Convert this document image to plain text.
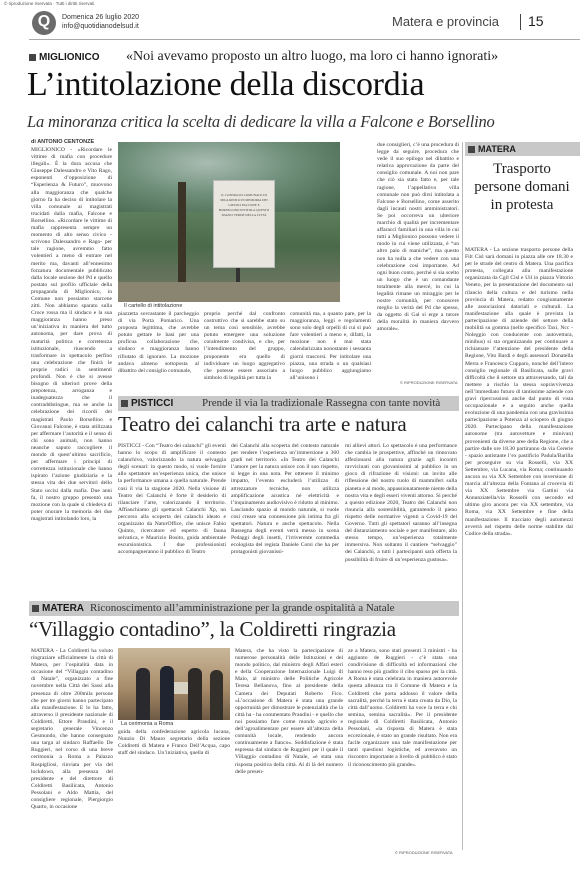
© riproduzione riservata · Tutti i diritti riservati
Q	Domenica 26 luglio 2020
info@quotidianodelsud.it	Matera e provincia 15
MIGLIONICO «Noi avevamo proposto un altro luogo, ma loro ci hanno ignorati»
L’intitolazione della discordia
La minoranza critica la scelta di dedicare la villa a Falcone e Borsellino
di ANTONIO CENTONZE
MIGLIONICO - «Ricordare le vittime di mafia con procedure illegali». È la dura accusa che Giuseppe Dalessandro e Vito Rago, esponenti d’opposizione di “Esperienza & Futuro”, muovono alla maggioranza che qualche giorno fa ha deciso di intitolare la villa comunale ai magistrati trucidati dalla mafia, Falcone e Borsellino. «Ricordare le vittime di mafia rappresenta sempre un momento di alto senso civico -scrivono Dalessandro e Rago- per tale ragione, avremmo fatto volentieri a meno di entrare nel merito ma, davanti all’ennesimo forzatura documentale pubblicato dalla locale sezione del Pd e quello postato sul profilo ufficiale della propaganda di Miglionico, in Comune non possiamo starcene zitti. Non abbiamo sparato sulla Croce rossa ma il sindaco e la sua maggioranza hanno preso un’iniziativa in maniera del tutto autonoma, per dare prova di maturità politica e correttezza istituzionale, riuscendo a trasformare in spettacolo perfino una celebrazione che finirà le proprie radici in sentimenti profondi. Non è che si avesse bisogno di ulteriori prove della prepotenza, arroganza e inadeguatezza che il contraddistingue, ma se anche la celebrazione dei ricordi dei magistrati Paolo Borsellino e Giovanni Falcone, è stata utilizzata per affermare l’autorità e il senso di chi sono animali, non hanno neanche saputo raccogliere il mondo di quest’ultimo sacrificio, per affermare i principi di correttezza istituzionale che hanno ispirato l’azione giudiziaria e la stessa vita dei due servitori dello Stato uccisi dalla mafia. Due anni fa, il nostro gruppo presentò una mozione con la quale si chiedeva di poter onorare la memoria dei due magistrati intitolando loro, la
IL CONSIGLIO COMUNALE DI MIGLIONICO IN MEMORIA DEI GIUDICI FALCONE E BORSELLINO INTITOLA QUESTO SPAZIO VERDE DELLA CITTÀ
Il cartello di intitolazione
piazzetta sovrastante il parcheggio di via Porta Pomarico. Una proposta legittima, che avrebbe potuto gettare le basi per una proficua collaborazione che, sindaco e maggioranza hanno rifiutato di ignorare. La mozione andava almeno sottoposta al dibattito del consiglio comunale,
proprio perché dal confronto costruttivo che si sarebbe stato su un tema così sensibile, avrebbe potuto emergere una soluzione coralmente condivisa, e che, per l’intendimento del gruppo, proponente era quello di individuare un luogo aggregativo che potesse essere associato a simbolo di legalità per tutta la
comunità ma, a quanto pare, per la maggioranza, leggi e regolamenti sono solo degli orpelli di cui si può fare volentieri a meno e, difatti, la mozione non è mai stata calendarizzata nonostante i sessanta giorni trascorsi. Per intitolare una piazza, una strada o un qualsiasi luogo pubblico aggiungiamo all’unisono i
due consiglieri, c’è una procedura di legge da seguire, procedura che vede il suo epilogo nel dibattito e relativa approvazione da parte del consiglio comunale. A noi non pare che ciò sia stato fatto e, per tale ragione, l’appellativo villa comunale non può dirsi intitolata a Falcone e Borsellino, come asserito dagli incauti nostri amministratori. Se poi occorreva un ulteriore marchio di qualità per incrementare affaracci familiari in una villa in cui tutti a Miglionico possono vedere il modo in cui viene utilizzata, è “un altro paio di maniche”, ma questo non ha nulla a che vedere con una celebrazione così importante. Ad ogni buon conto, perché si sia scelto un luogo che è un comandante totalmente alla mercé, in cui la legalità rimane un miraggio per le nostre comunità, per conoscere meglio la verità del Pd che spesso, da oggetto di Gal si erge a tutore della moralità in maniera davvero amorale».
© RIPRODUZIONE RISERVATA
MATERA
Trasporto persone domani in protesta
MATERA - La sezione trasporto persone della Filt Cisl sarà domani in piazza alle ore 18.30 e per le strade del centro di Matera. Una pacifica protesta, collegata alla manifestazione organizzata da Cgil Cisl e Uil in piazza Vittorio Veneto, per la presentazione del documento sul rilancio della cultura e del turismo nella provincia di Matera, redatto congiuntamente alle associazioni datoriali e culturali. La manifestazione alla quale è prevista la partecipazione di aziende del settore della mobilità su gomma (nello specifico Taxi, Ncc - Noleggio con conducente con autovettura, minibus) si sta organizzando per continuare a richiamare l’attenzione del presidente della Regione, Vito Bardi e degli assessori Donatella Merra e Francesco Cupparo, nonché dell’intero consiglio regionale di Basilicata, sulle gravi difficoltà che il settore sta attraversando, tali da mettere a rischio la stessa sopravvivenza nell’immediato futuro di tantissime aziende con gravi ripercussioni anche dal punto di vista occupazionale e a seguito anche quella evoluzione di una pandemia con una gravissima partecipazione a Potenza al sciopero di giugno 2020. Partecipano della manifestazione autonome (tra autovetture e minivan) provenienti da diverse aree della Regione, che a partire dalle ore 18.30 partiranno da via Cererie - spazio antistante l’ex pastificio Padula/Barilla per proseguire su via Rosselli, via XX Settembre, via Lucana, via Roma; continuando ancora su via XX Settembre con inversione di marcia all’altezza della Fontana al crocevia di via XX Settembre via Gattini via Annunziatella/via Rosselli con secondo ed ultimo giro ancora per via XX settembre, via Roma, via XX Settembre e fine della manifestazione. Il tracciato degli automezzi avverrà nel rispetto delle norme stabilite dal Codice della strada».
PISTICCI	Prende il via la tradizionale Rassegna con tante novità
Teatro dei calanchi tra arte e natura
PISTICCI - Con “Teatro dei calanchi” gli eventi hanno lo scopo di amplificare il contesto calanchivo, valorizzando la natura selvaggia degli scenari: in questo modo, si vuole fornire allo spettatore un’esperienza unica, che unisce la performance umana a quella naturale. Prende così il via la stagione 2020. Nella visione di Teatro dei Calanchi è forte il desiderio di rilanciare l’arte, valorizzando il territorio. Affianchiamo gli spettacoli Calanchi Xp, un percorso alla scoperta dei calanchi ideato e organizzato da NaturOffice, che unisce Fabio Quinto, ricercatore ed esperto di fauna selvatica, e Maurizio Bosito, guida ambientale escursionistica. I due professionisti accompagneranno il pubblico di Teatro
dei Calanchi alla scoperta del contesto naturale per rendere l’esperienza un’immersione a 360 gradi nel territorio. «In Teatro dei Calanchi l’amore per la natura unisce con il suo rispetto, si legge in una nota. Per ottenere il minimo impatto, l’evento escluderà l’utilizzo di attrezzature tecniche, non utilizza amplificazione acustica né elettricità e l’inquinamento audiovisivo è ridotto al minimo. Lasciando spazio al mondo naturale, si vuole così creare una connessione più intima fra gli spettatori. Natura e anche spettacolo. Nella Rassegna degli eventi verrà messo in scena Pedaggi degli insetti, l’irriverente commedia ecologista del regista Daniele Corsi che ha per protagonisti giovanissi-
mi allievi attori. Lo spettacolo è una performance che cambia le prospettive, affinché un rinnovato affezionarsi alla natura grazie agli incontri ravvicinati con giovanissimi al pubblico in un gioco di rifrazione di visioni: un invito alle riflessione del nostro ruolo di mammiferi sulla pianeta e al modo, appassionatamente niente della nostra vita e degli esseri viventi attorno. Si perché a questo edizione 2020, Teatro dei Calanchi non rinuncia alla sostenibilità, garantendo il pieno rispetto delle normative vigenti a Covid-19 del Governo. Tutti gli spettatori saranno all’insegna del distanziamento sociale e per manifestare, allo stesso tempo, un’esperienza totalmente immersiva. Non soltanto il cantiere “selvaggio” dei Calanchi, a tutti i partecipanti sarà offerta la possibilità di fruire di un’esperienza gustosa».
MATERA Riconoscimento all’amministrazione per la grande ospitalità a Natale
“Villaggio contadino”, la Coldiretti ringrazia
MATERA - La Coldiretti ha voluto ringraziare ufficialmente la città di Matera, per l’ospitalità data in occasione del “Villaggio contadino di Natale”, organizzato a fine novembre nella Città dei Sassi alla presenza di oltre 200mila persone che per tre giorni hanno partecipato alla manifestazione. E lo ha fatto, attraverso il presidente nazionale di Coldiretti, Ettore Prandini, e il segretario generale Vincenzo Gesmundo, che hanno consegnato una targa al sindaco Raffaello De Ruggieri, nel corso di una breve cerimonia a Roma a Palazzo Rospigliosi, rinviata per via del lockdown, alla presenza del presidente e del direttore di Coldiretti Basilicata, Antonio Pessolani e Aldo Mattia, del consigliere regionale, Piergiorgio Quarto, in occasione
La cerimonia a Roma
guida della confederazione agricola lucana, Nunzio Di Mauro segretario della sezione Coldiretti di Matera e Franco Dell’Acqua, capo staff del sindaco. Un’iniziativa, quella di
Matera, che ha visto la partecipazione di numerose personalità delle Istituzioni e del mondo politico, dal ministro degli Affari esteri e della Cooperazione Internazionale Luigi di Maio, al ministro delle Politiche Agricole Teresa Bellanova, fino al presidente della Camera dei Deputati Roberto Fico. «L’occasione di Matera è stata una grande opportunità per dimostrare le potenzialità che la città ha - ha commentato Prandini - e quello che noi possiamo fare come mondo agricolo e dell’agroalimentare per essere all’altezza della comunità locale, rendendo ancora continuamente a fianco». Soddisfazione è stata espressa dal sindaco de Ruggieri per il quale il Villaggio contadino di Natale, «è stata una risposta positiva della città. Al di là del numero delle presen-
ze a Matera, sono stati presenti 3 ministri - ha aggiunto de Ruggieri - c’è stata una condivisione di difficoltà ed informazioni che hanno reso più gradito il cibo sparso per la città. A Roma è stata celebrata in maniera autorevole questa alleanza tra il Comune di Matera e la Coldiretti che porta addosso il valore della sacralità, perché la terra è stata creata da Dio, la città dall’uomo. Coldiretti ha voce la terra e chi semina, semina sacralità». Per il presidente regionale di Coldiretti Basilicata, Antonio Pessolani, «la risposta di Matera è stata eccezionale, è stato un grande risultato. Non era facile organizzare una tale manifestazione per tanti questioni logistiche, ed averavuto un riscontro importante a livello di pubblico è stato il riconoscimento più grande».
© RIPRODUZIONE RISERVATA
